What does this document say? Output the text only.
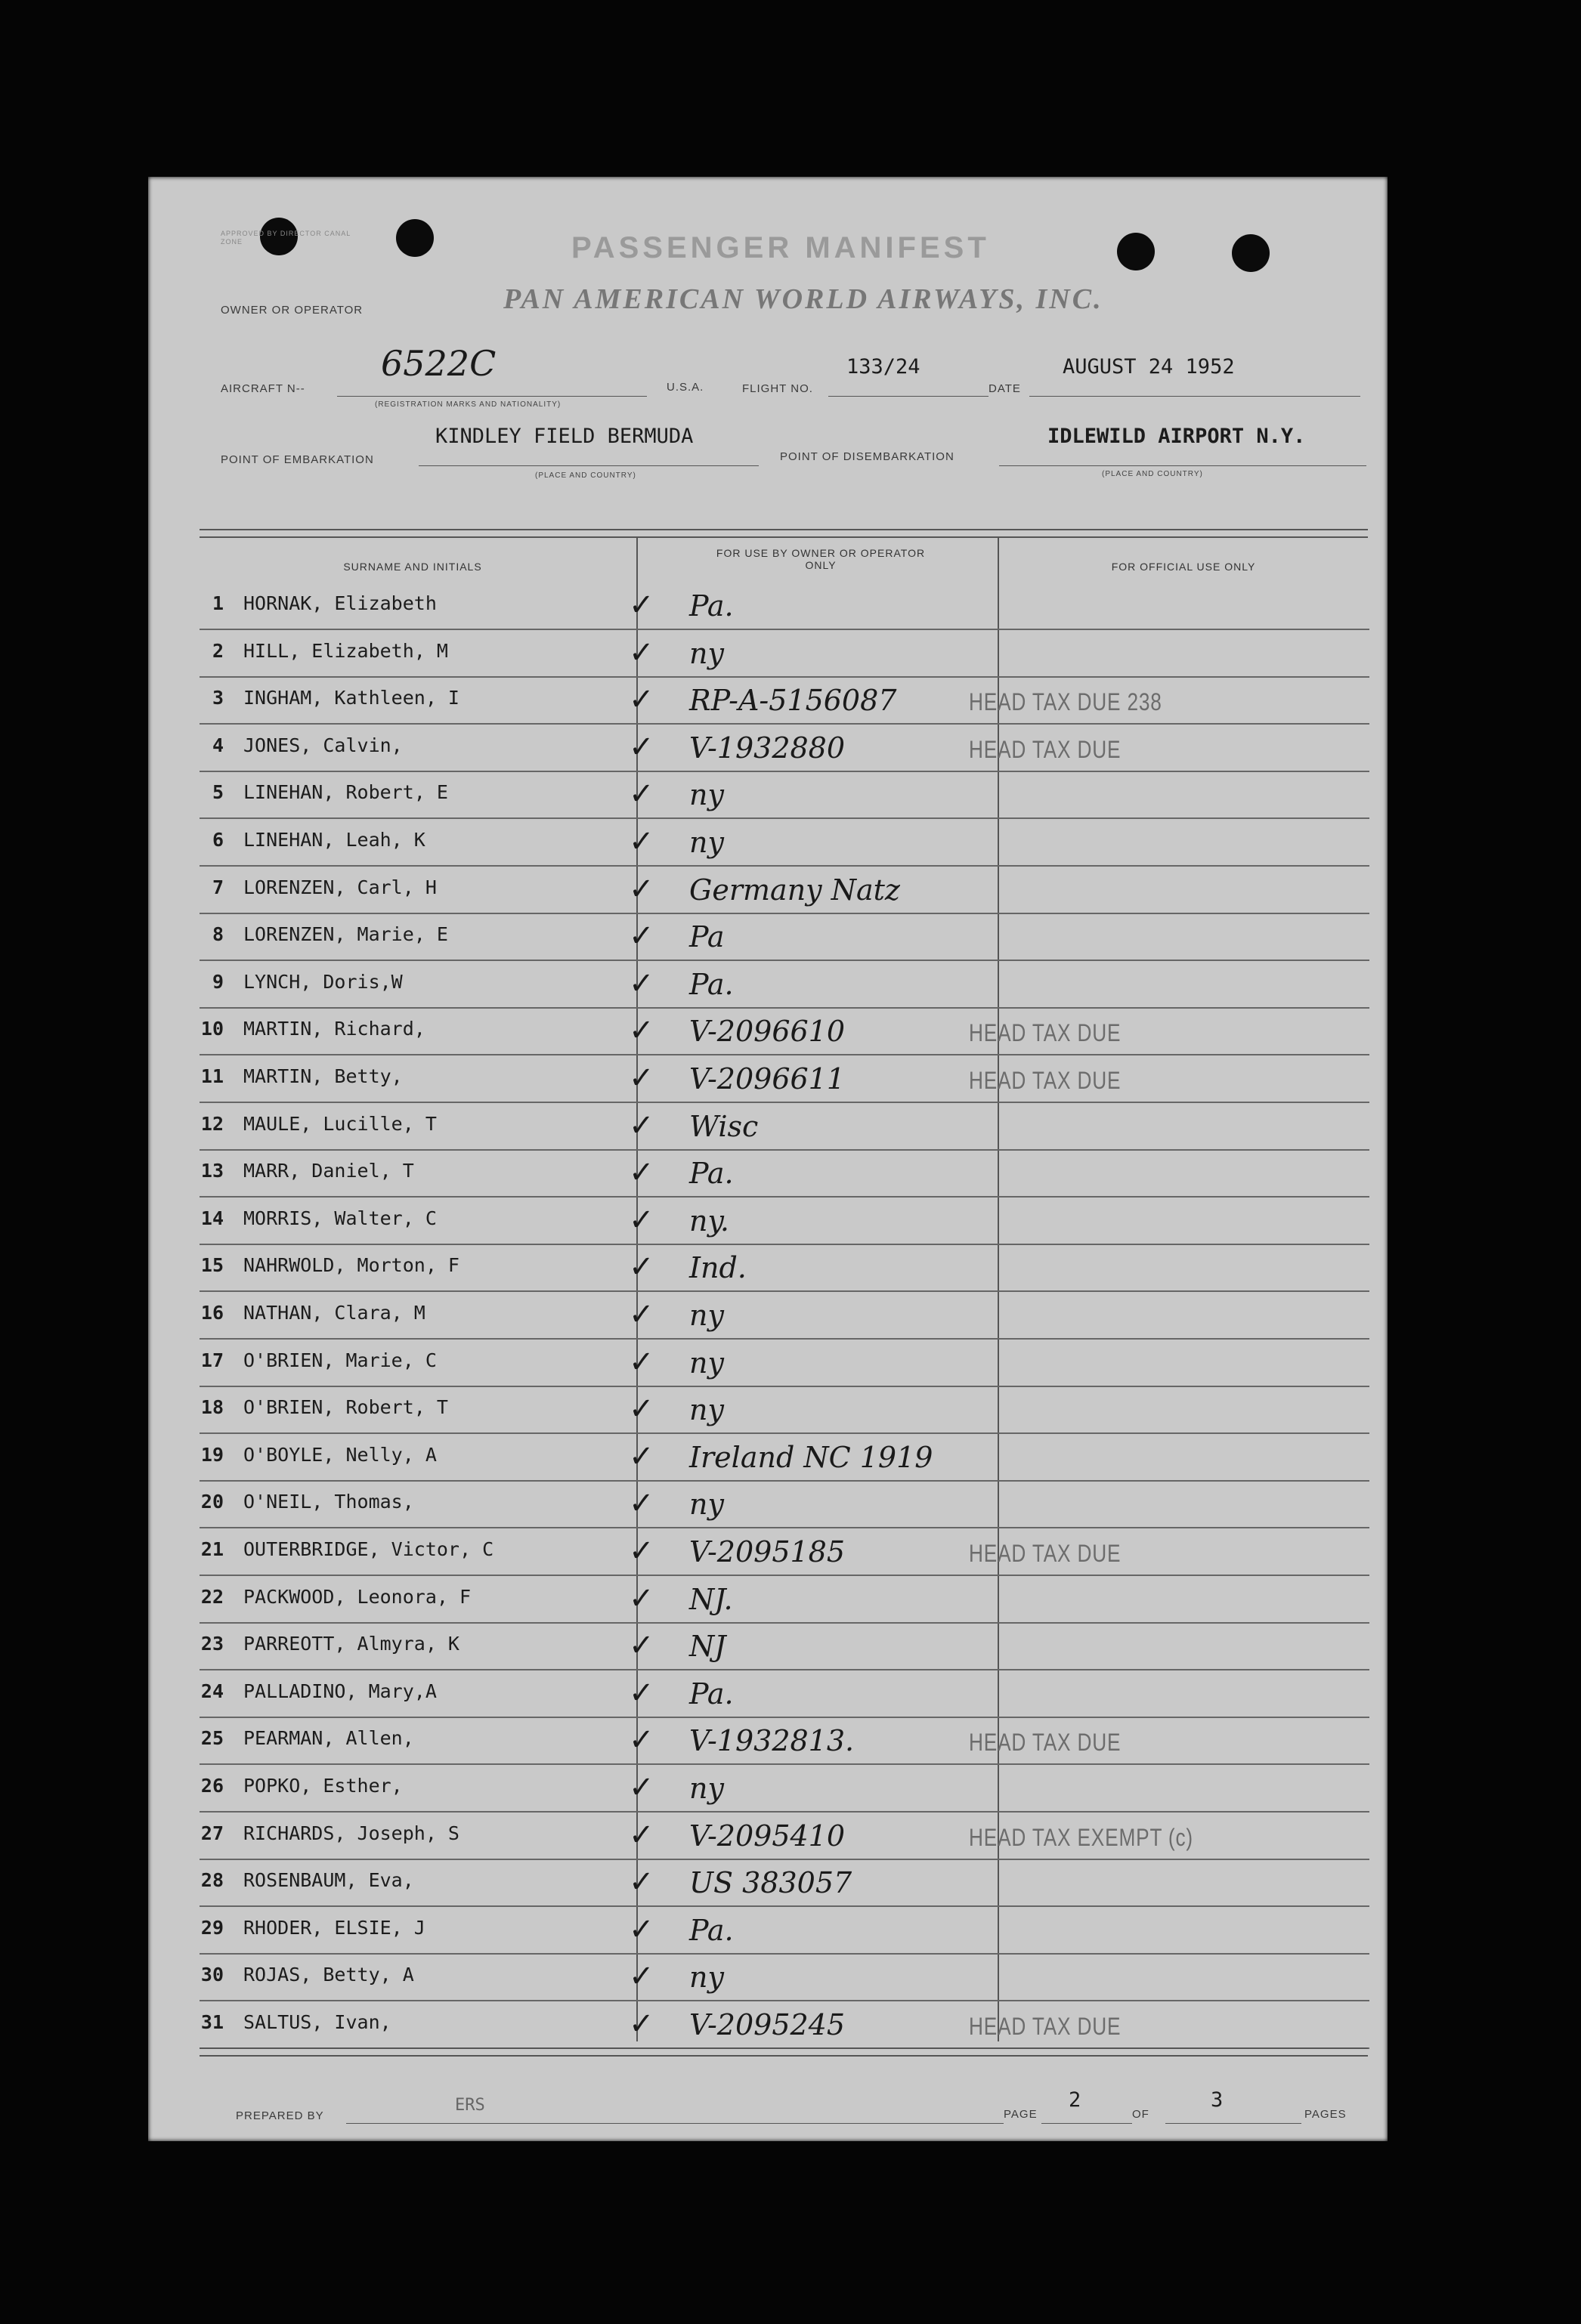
APPROVED BY DIRECTOR CANAL ZONE	PASSENGER MANIFEST
OWNER OR OPERATOR	PAN AMERICAN WORLD AIRWAYS, INC.
AIRCRAFT N--
6522C
(REGISTRATION MARKS AND NATIONALITY)
U.S.A.	FLIGHT NO.
133/24
DATE
AUGUST 24 1952
POINT OF EMBARKATION
KINDLEY FIELD BERMUDA
(PLACE AND COUNTRY)
POINT OF DISEMBARKATION
IDLEWILD AIRPORT N.Y.
(PLACE AND COUNTRY)
SURNAME AND INITIALS
FOR USE BY OWNER OR OPERATOR ONLY	FOR OFFICIAL USE ONLY
1 HORNAK, Elizabeth	✓ Pa.
2 HILL, Elizabeth, M	✓ ny
3 INGHAM, Kathleen, I	✓ RP-A-5156087	HEAD TAX DUE 238
4 JONES, Calvin,	✓ V-1932880	HEAD TAX DUE
5 LINEHAN, Robert, E	✓ ny
6 LINEHAN, Leah, K	✓ ny
7 LORENZEN, Carl, H	✓ Germany Natz
8 LORENZEN, Marie, E	✓ Pa
9 LYNCH, Doris,W	✓ Pa.
10 MARTIN, Richard,	✓ V-2096610	HEAD TAX DUE
11 MARTIN, Betty,	✓ V-2096611	HEAD TAX DUE
12 MAULE, Lucille, T	✓ Wisc
13 MARR, Daniel, T	✓ Pa.
14 MORRIS, Walter, C	✓ ny.
15 NAHRWOLD, Morton, F	✓ Ind.
16 NATHAN, Clara, M	✓ ny
17 O'BRIEN, Marie, C	✓ ny
18 O'BRIEN, Robert, T	✓ ny
19 O'BOYLE, Nelly, A	✓ Ireland NC 1919
20 O'NEIL, Thomas,	✓ ny
21 OUTERBRIDGE, Victor, C	✓ V-2095185	HEAD TAX DUE
22 PACKWOOD, Leonora, F	✓ NJ.
23 PARREOTT, Almyra, K	✓ NJ
24 PALLADINO, Mary,A	✓ Pa.
25 PEARMAN, Allen,	✓ V-1932813.	HEAD TAX DUE
26 POPKO, Esther,	✓ ny
27 RICHARDS, Joseph, S	✓ V-2095410	HEAD TAX EXEMPT (c)
28 ROSENBAUM, Eva,	✓ US 383057
29 RHODER, ELSIE, J	✓ Pa.
30 ROJAS, Betty, A	✓ ny
31 SALTUS, Ivan,	✓ V-2095245	HEAD TAX DUE
PREPARED BY
ERS	PAGE
2
OF
3
PAGES
